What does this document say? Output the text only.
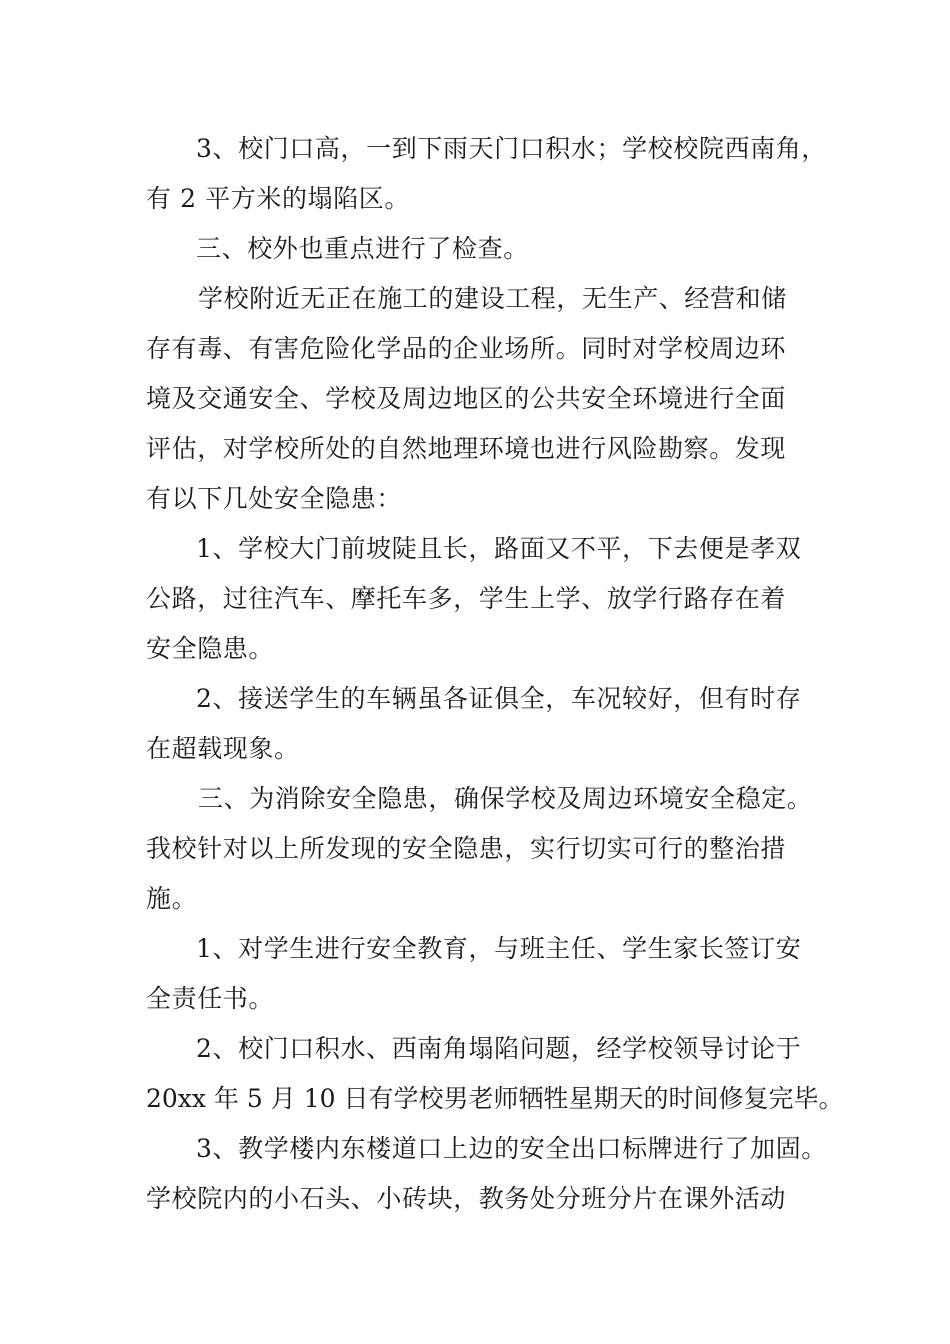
3、校门口高，一到下雨天门口积水；学校校院西南角，

有 2 平方米的塌陷区。

三、校外也重点进行了检查。

学校附近无正在施工的建设工程，无生产、经营和储

存有毒、有害危险化学品的企业场所。同时对学校周边环

境及交通安全、学校及周边地区的公共安全环境进行全面

评估，对学校所处的自然地理环境也进行风险勘察。发现

有以下几处安全隐患：

1、学校大门前坡陡且长，路面又不平，下去便是孝双

公路，过往汽车、摩托车多，学生上学、放学行路存在着

安全隐患。

2、接送学生的车辆虽各证俱全，车况较好，但有时存

在超载现象。

三、为消除安全隐患，确保学校及周边环境安全稳定。

我校针对以上所发现的安全隐患，实行切实可行的整治措

施。

1、对学生进行安全教育，与班主任、学生家长签订安

全责任书。

2、校门口积水、西南角塌陷问题，经学校领导讨论于

20xx 年 5 月 10 日有学校男老师牺牲星期天的时间修复完毕。

3、教学楼内东楼道口上边的安全出口标牌进行了加固。

学校院内的小石头、小砖块，教务处分班分片在课外活动
